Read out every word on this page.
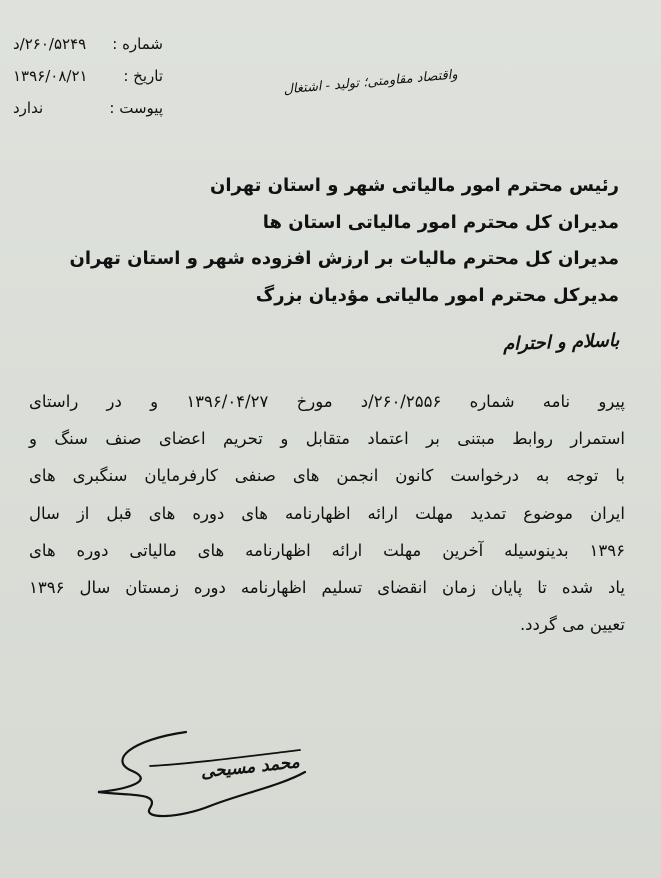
شماره :
۲۶۰/۵۲۴۹/د
تاریخ :
۱۳۹۶/۰۸/۲۱
پیوست :
ندارد
واقتصاد مقاومتی؛ تولید - اشتغال
رئیس محترم امور مالیاتی شهر و استان تهران
مدیران کل محترم امور مالیاتی استان ها
مدیران کل محترم مالیات بر ارزش افزوده شهر و استان تهران
مدیرکل محترم امور مالیاتی مؤدیان بزرگ
باسلام و احترام
پیرو نامه شماره ۲۶۰/۲۵۵۶/د مورخ ۱۳۹۶/۰۴/۲۷ و در راستای
استمرار روابط مبتنی بر اعتماد متقابل و تحریم اعضای صنف سنگ و
با توجه به درخواست کانون انجمن های صنفی کارفرمایان سنگبری های
ایران موضوع تمدید مهلت ارائه اظهارنامه های دوره های قبل از سال
۱۳۹۶ بدینوسیله آخرین مهلت ارائه اظهارنامه های مالیاتی دوره های
یاد شده تا پایان زمان انقضای تسلیم اظهارنامه دوره زمستان سال ۱۳۹۶
تعیین می گردد.
محمد مسیحی
